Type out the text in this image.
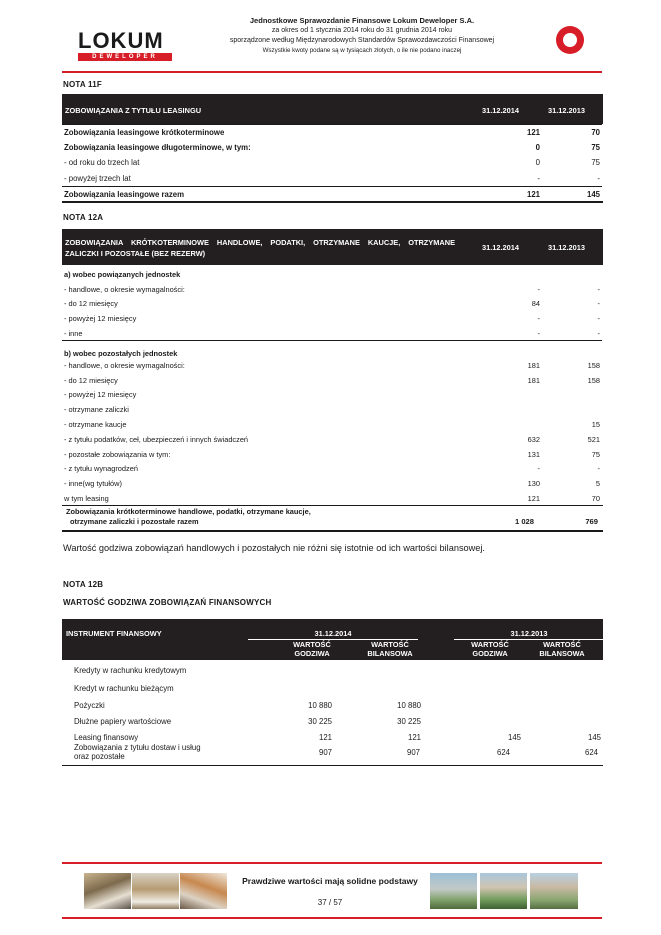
LOKUM
DEWELOPER
Jednostkowe Sprawozdanie Finansowe Lokum Deweloper S.A.
za okres od 1 stycznia 2014 roku do 31 grudnia 2014 roku
sporządzone według Międzynarodowych Standardów Sprawozdawczości Finansowej
Wszystkie kwoty podane są w tysiącach złotych, o ile nie podano inaczej
NOTA 11F
ZOBOWIĄZANIA Z TYTUŁU LEASINGU	31.12.2014	31.12.2013
Zobowiązania leasingowe krótkoterminowe	121	70
Zobowiązania leasingowe długoterminowe, w tym:	0	75
- od roku do trzech lat	0	75
- powyżej trzech lat	-	-
Zobowiązania leasingowe razem	121	145
NOTA 12A
ZOBOWIĄZANIA KRÓTKOTERMINOWE HANDLOWE, PODATKI, OTRZYMANE KAUCJE, OTRZYMANE ZALICZKI I POZOSTAŁE (BEZ REZERW)
31.12.2014	31.12.2013
a) wobec powiązanych jednostek		
- handlowe, o okresie wymagalności:	-	-
- do 12 miesięcy	84	-
- powyżej 12 miesięcy	-	-
- inne	-	-
b) wobec pozostałych jednostek		
- handlowe, o okresie wymagalności:	181	158
- do 12 miesięcy	181	158
- powyżej 12 miesięcy		
- otrzymane zaliczki		
- otrzymane kaucje		15
- z tytułu podatków, ceł, ubezpieczeń i innych świadczeń	632	521
- pozostałe zobowiązania w tym:	131	75
- z tytułu wynagrodzeń	-	-
- inne(wg tytułów)	130	5
w tym leasing	121	70
Zobowiązania krótkoterminowe handlowe, podatki, otrzymane kaucje,
otrzymane zaliczki i pozostałe razem	1 028	769
Wartość godziwa zobowiązań handlowych i pozostałych nie różni się istotnie od ich wartości bilansowej.
NOTA 12B
WARTOŚĆ GODZIWA ZOBOWIĄZAŃ FINANSOWYCH
INSTRUMENT FINANSOWY	31.12.2014	31.12.2013
WARTOŚĆ GODZIWA
WARTOŚĆ BILANSOWA
WARTOŚĆ GODZIWA
WARTOŚĆ BILANSOWA
Kredyty w rachunku kredytowym				
Kredyt w rachunku bieżącym				
Pożyczki	10 880	10 880		
Dłużne papiery wartościowe	30 225	30 225		
Leasing finansowy	121	121	145	145
Zobowiązania z tytułu dostaw i usług
oraz pozostałe	907	907	624	624
Prawdziwe wartości mają solidne podstawy
37 / 57
